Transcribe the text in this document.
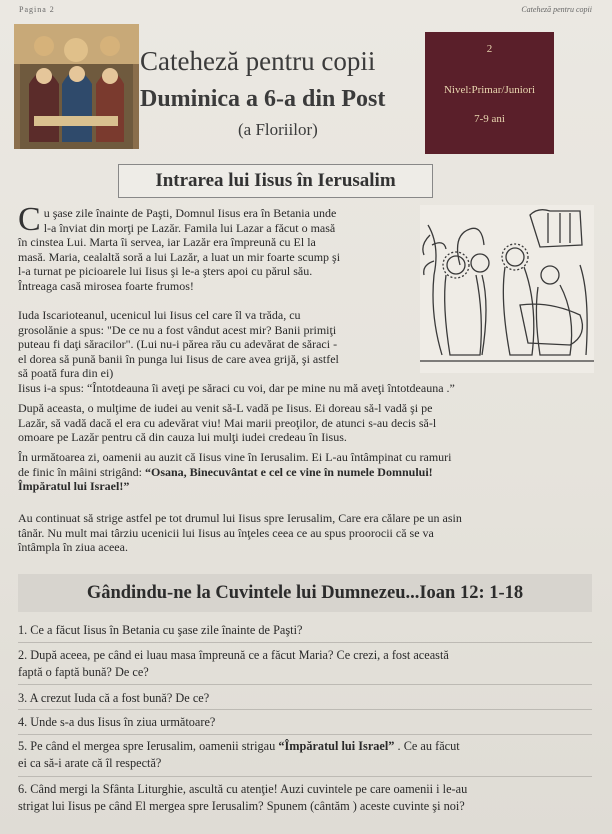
Pagina 2	Cateheză pentru copii
Cateheză pentru copii
Duminica a 6-a din Post
(a Floriilor)
2
Nivel:Primar/Juniori
7-9 ani
Intrarea lui Iisus în Ierusalim
C u şase zile înainte de Paşti, Domnul Iisus era în Betania unde
l-a înviat din morţi pe Lazăr. Famila lui Lazar a făcut o masă
în cinstea Lui. Marta îi servea, iar Lazăr era împreună cu El la
masă. Maria, cealaltă soră a lui Lazăr, a luat un mir foarte scump şi
l-a turnat pe picioarele lui Iisus şi le-a şters apoi cu părul său.
Întreaga casă mirosea foarte frumos!
Iuda Iscarioteanul, ucenicul lui Iisus cel care îl va trăda, cu
grosolănie a spus: "De ce nu a fost vândut acest mir? Banii primiţi
puteau fi daţi săracilor". (Lui nu-i părea rău cu adevărat de săraci -
el dorea să pună banii în punga lui Iisus de care avea grijă, şi astfel
să poată fura din ei)
Iisus i-a spus: “Întotdeauna îi aveţi pe săraci cu voi, dar pe mine nu mă aveţi întotdeauna .”
După aceasta, o mulţime de iudei au venit să-L vadă pe Iisus. Ei doreau să-l vadă şi pe
Lazăr, să vadă dacă el era cu adevărat viu! Mai marii preoţilor, de atunci s-au decis să-l
omoare pe Lazăr pentru că din cauza lui mulţi iudei credeau în Iisus.
În următoarea zi, oamenii au auzit că Iisus vine în Ierusalim. Ei L-au întâmpinat cu ramuri
de finic în mâini strigând: “Osana, Binecuvântat e cel ce vine în numele Domnului!
Împăratul lui Israel!”
Au continuat să strige astfel pe tot drumul lui Iisus spre Ierusalim, Care era călare pe un asin
tânăr. Nu mult mai târziu ucenicii lui Iisus au înţeles ceea ce au spus proorocii că se va
întâmpla în ziua aceea.
Gândindu-ne la Cuvintele lui Dumnezeu...Ioan 12: 1-18
1. Ce a făcut Iisus în Betania cu şase zile înainte de Paşti?
2. După aceea, pe când ei luau masa împreună ce a făcut Maria? Ce crezi, a fost această
faptă o faptă bună? De ce?
3. A crezut Iuda că a fost bună? De ce?
4. Unde s-a dus Iisus în ziua următoare?
5. Pe când el mergea spre Ierusalim, oamenii strigau “Împăratul lui Israel” . Ce au făcut
ei ca să-i arate că îl respectă?
6. Când mergi la Sfânta Liturghie, ascultă cu atenţie! Auzi cuvintele pe care oamenii i le-au
strigat lui Iisus pe când El mergea spre Ierusalim? Spunem (cântăm ) aceste cuvinte şi noi?
